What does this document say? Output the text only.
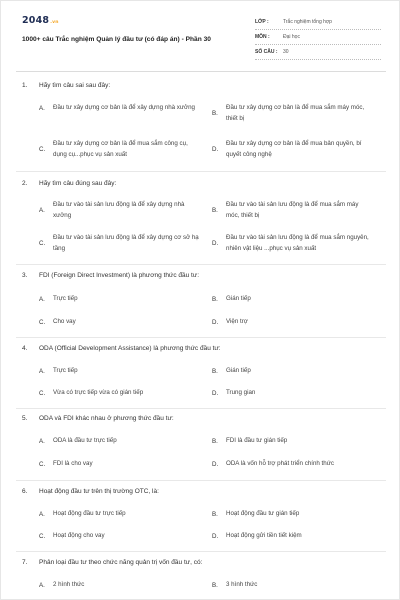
2048.vn
1000+ câu Trắc nghiệm Quản lý đầu tư (có đáp án) - Phần 30
LỚP :	Trắc nghiệm tổng hợp
MÔN :	Đại học
SỐ CÂU :	30
1. Hãy tìm câu sai sau đây:
A.	Đầu tư xây dựng cơ bản là để xây dựng nhà xưởng
B.
Đầu tư xây dựng cơ bản là để mua sắm máy móc, thiết bị
C.
Đầu tư xây dựng cơ bản là để mua sắm công cụ, dụng cụ...phục vụ sản xuất
D.
Đầu tư xây dựng cơ bản là để mua bản quyền, bí quyết công nghệ
2. Hãy tìm câu đúng sau đây:
A.
Đầu tư vào tài sản lưu động là để xây dựng nhà xưởng
B.
Đầu tư vào tài sản lưu động là để mua sắm máy móc, thiết bị
C.
Đầu tư vào tài sản lưu động là để xây dựng cơ sở hạ tầng
D.
Đầu tư vào tài sản lưu động là để mua sắm nguyên, nhiên vật liệu ...phục vụ sản xuất
3. FDI (Foreign Direct Investment) là phương thức đầu tư:
A.	Trực tiếp	B.	Gián tiếp
C.	Cho vay	D.	Viện trợ
4. ODA (Official Development Assistance) là phương thức đầu tư:
A.	Trực tiếp	B.	Gián tiếp
C.	Vừa có trực tiếp vừa có gián tiếp	D.	Trung gian
5. ODA và FDI khác nhau ở phương thức đầu tư:
A.	ODA là đầu tư trực tiếp	B.	FDI là đầu tư gián tiếp
C.	FDI là cho vay	D.	ODA là vốn hỗ trợ phát triển chính thức
6. Hoạt động đầu tư trên thị trường OTC, là:
A.	Hoạt động đầu tư trực tiếp	B.	Hoạt động đầu tư gián tiếp
C.	Hoạt động cho vay	D.	Hoạt động gửi tiền tiết kiệm
7. Phân loại đầu tư theo chức năng quản trị vốn đầu tư, có:
A.	2 hình thức	B.	3 hình thức
